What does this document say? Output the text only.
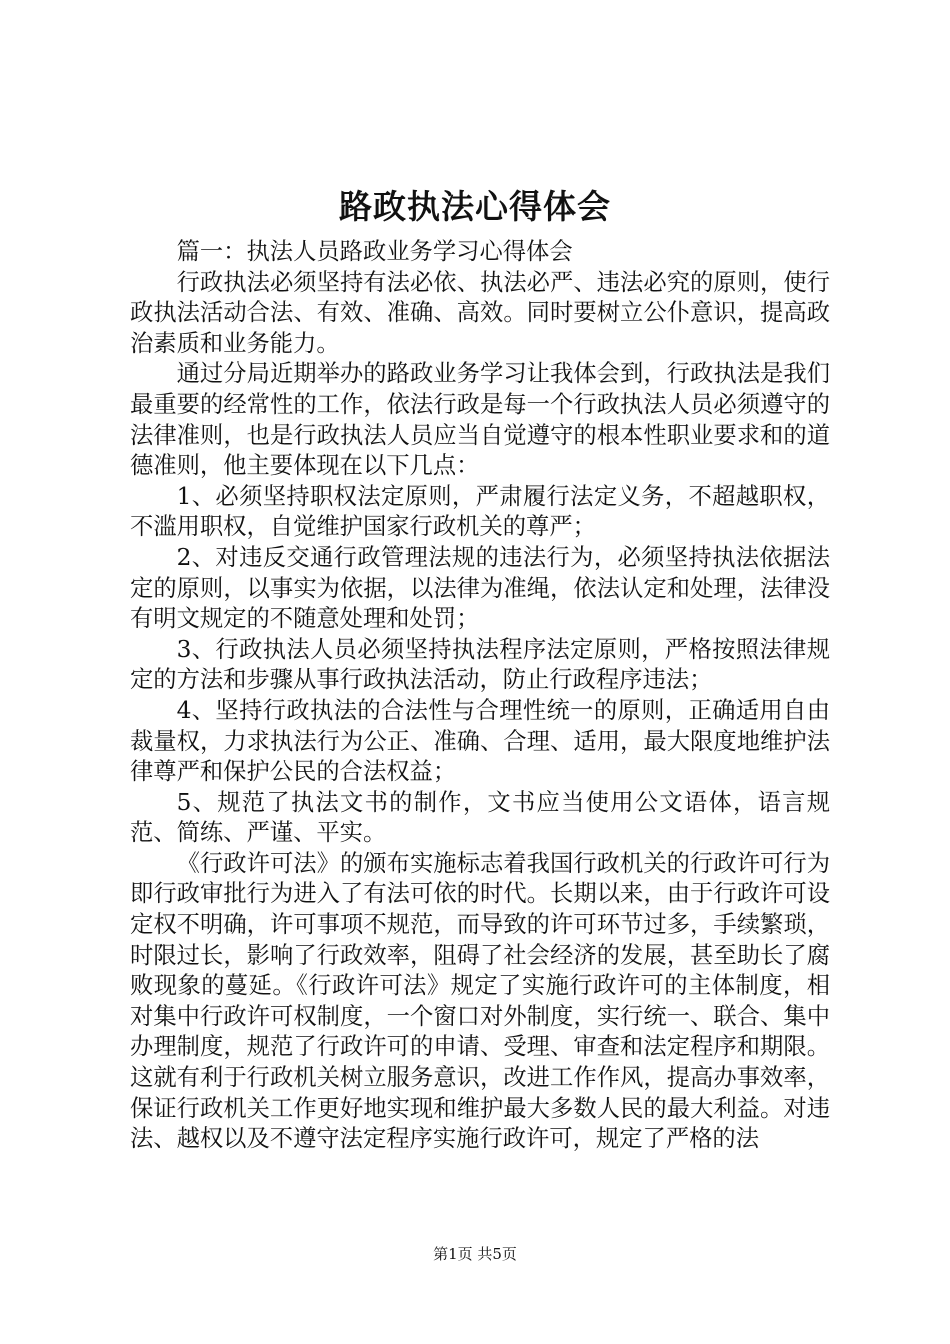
路政执法心得体会

篇一：执法人员路政业务学习心得体会

行政执法必须坚持有法必依、执法必严、违法必究的原则，使行政执法活动合法、有效、准确、高效。同时要树立公仆意识，提高政治素质和业务能力。

通过分局近期举办的路政业务学习让我体会到，行政执法是我们最重要的经常性的工作，依法行政是每一个行政执法人员必须遵守的法律准则，也是行政执法人员应当自觉遵守的根本性职业要求和的道德准则，他主要体现在以下几点：

1、必须坚持职权法定原则，严肃履行法定义务，不超越职权，不滥用职权，自觉维护国家行政机关的尊严；

2、对违反交通行政管理法规的违法行为，必须坚持执法依据法定的原则，以事实为依据，以法律为准绳，依法认定和处理，法律没有明文规定的不随意处理和处罚；

3、行政执法人员必须坚持执法程序法定原则，严格按照法律规定的方法和步骤从事行政执法活动，防止行政程序违法；

4、坚持行政执法的合法性与合理性统一的原则，正确适用自由裁量权，力求执法行为公正、准确、合理、适用，最大限度地维护法律尊严和保护公民的合法权益；

5、规范了执法文书的制作，文书应当使用公文语体，语言规范、简练、严谨、平实。

《行政许可法》的颁布实施标志着我国行政机关的行政许可行为即行政审批行为进入了有法可依的时代。长期以来，由于行政许可设定权不明确，许可事项不规范，而导致的许可环节过多，手续繁琐，时限过长，影响了行政效率，阻碍了社会经济的发展，甚至助长了腐败现象的蔓延。《行政许可法》规定了实施行政许可的主体制度，相对集中行政许可权制度，一个窗口对外制度，实行统一、联合、集中办理制度，规范了行政许可的申请、受理、审查和法定程序和期限。这就有利于行政机关树立服务意识，改进工作作风，提高办事效率，保证行政机关工作更好地实现和维护最大多数人民的最大利益。对违法、越权以及不遵守法定程序实施行政许可，规定了严格的法

第1页 共5页
